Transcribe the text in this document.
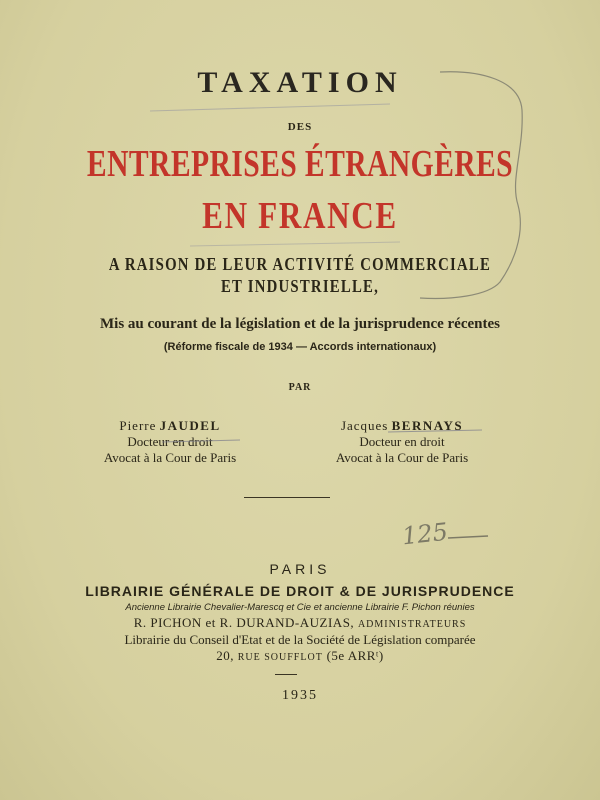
TAXATION
DES
ENTREPRISES ÉTRANGÈRES
EN FRANCE
A RAISON DE LEUR ACTIVITÉ COMMERCIALE
ET INDUSTRIELLE,
Mis au courant de la législation et de la jurisprudence récentes
(Réforme fiscale de 1934 — Accords internationaux)
PAR
Pierre JAUDEL
Docteur en droit
Avocat à la Cour de Paris
Jacques BERNAYS
Docteur en droit
Avocat à la Cour de Paris
125
PARIS
LIBRAIRIE GÉNÉRALE DE DROIT & DE JURISPRUDENCE
Ancienne Librairie Chevalier-Marescq et Cie et ancienne Librairie F. Pichon réunies
R. PICHON et R. DURAND-AUZIAS, ADMINISTRATEURS
Librairie du Conseil d'Etat et de la Société de Législation comparée
20, RUE SOUFFLOT (5e ARRᵗ)
1935
